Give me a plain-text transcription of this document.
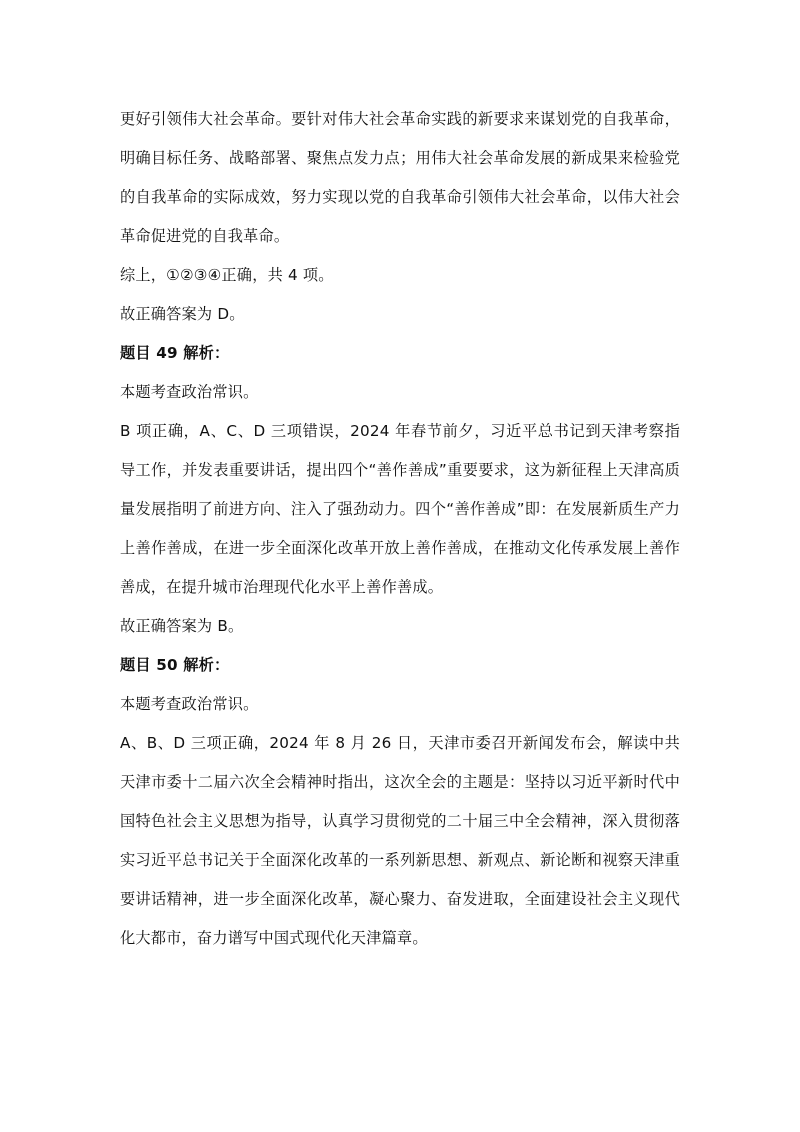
更好引领伟大社会革命。要针对伟大社会革命实践的新要求来谋划党的自我革命，明确目标任务、战略部署、聚焦点发力点；用伟大社会革命发展的新成果来检验党的自我革命的实际成效，努力实现以党的自我革命引领伟大社会革命，以伟大社会革命促进党的自我革命。

综上，①②③④正确，共 4 项。

故正确答案为 D。

题目 49 解析：

本题考查政治常识。

B 项正确，A、C、D 三项错误，2024 年春节前夕，习近平总书记到天津考察指导工作，并发表重要讲话，提出四个“善作善成”重要要求，这为新征程上天津高质量发展指明了前进方向、注入了强劲动力。四个“善作善成”即：在发展新质生产力上善作善成，在进一步全面深化改革开放上善作善成，在推动文化传承发展上善作善成，在提升城市治理现代化水平上善作善成。

故正确答案为 B。

题目 50 解析：

本题考查政治常识。

A、B、D 三项正确，2024 年 8 月 26 日，天津市委召开新闻发布会，解读中共天津市委十二届六次全会精神时指出，这次全会的主题是：坚持以习近平新时代中国特色社会主义思想为指导，认真学习贯彻党的二十届三中全会精神，深入贯彻落实习近平总书记关于全面深化改革的一系列新思想、新观点、新论断和视察天津重要讲话精神，进一步全面深化改革，凝心聚力、奋发进取，全面建设社会主义现代化大都市，奋力谱写中国式现代化天津篇章。
